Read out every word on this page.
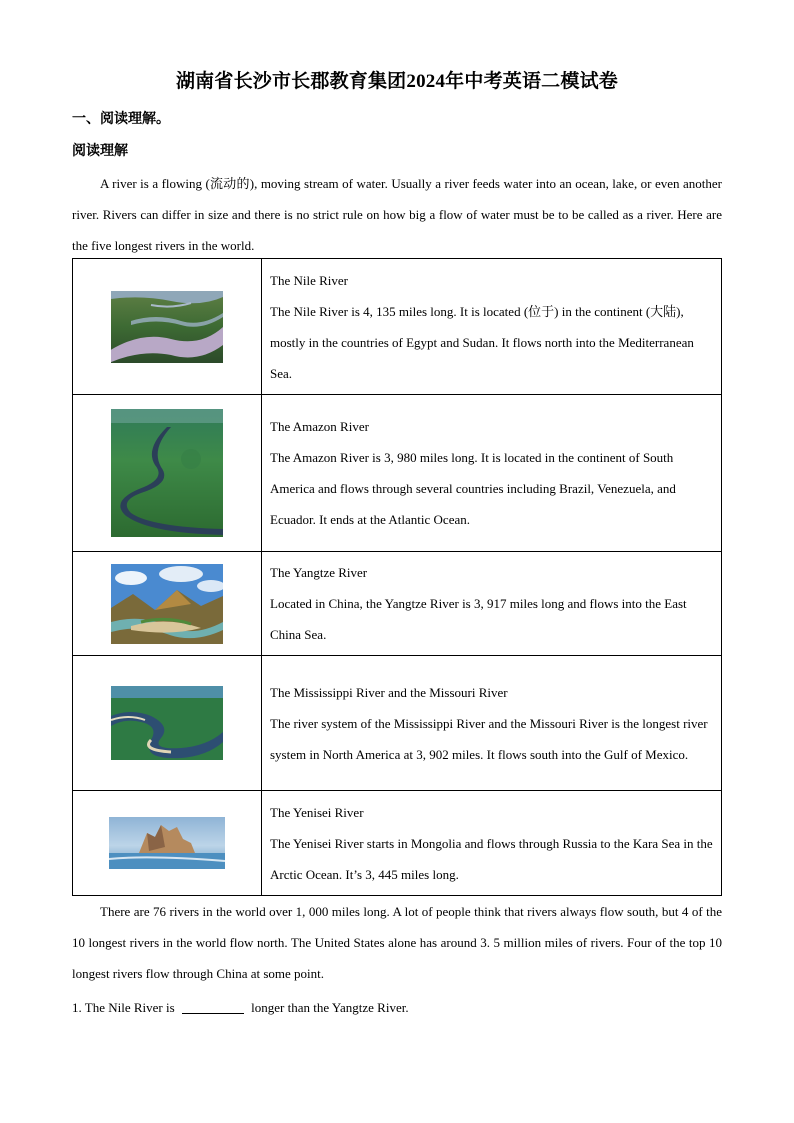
湖南省长沙市长郡教育集团2024年中考英语二模试卷
一、阅读理解。
阅读理解
A river is a flowing (流动的), moving stream of water. Usually a river feeds water into an ocean, lake, or even another river. Rivers can differ in size and there is no strict rule on how big a flow of water must be to be called as a river. Here are the five longest rivers in the world.

The Nile River
The Nile River is 4, 135 miles long. It is located (位于) in the continent (大陆), mostly in the countries of Egypt and Sudan. It flows north into the Mediterranean Sea.

The Amazon River
The Amazon River is 3, 980 miles long. It is located in the continent of South America and flows through several countries including Brazil, Venezuela, and Ecuador. It ends at the Atlantic Ocean.

The Yangtze River
Located in China, the Yangtze River is 3, 917 miles long and flows into the East China Sea.

The Mississippi River and the Missouri River
The river system of the Mississippi River and the Missouri River is the longest river system in North America at 3, 902 miles. It flows south into the Gulf of Mexico.

The Yenisei River
The Yenisei River starts in Mongolia and flows through Russia to the Kara Sea in the Arctic Ocean. It’s 3, 445 miles long.
There are 76 rivers in the world over 1, 000 miles long. A lot of people think that rivers always flow south, but 4 of the 10 longest rivers in the world flow north. The United States alone has around 3. 5 million miles of rivers. Four of the top 10 longest rivers flow through China at some point.
1. The Nile River is	longer than the Yangtze River.
